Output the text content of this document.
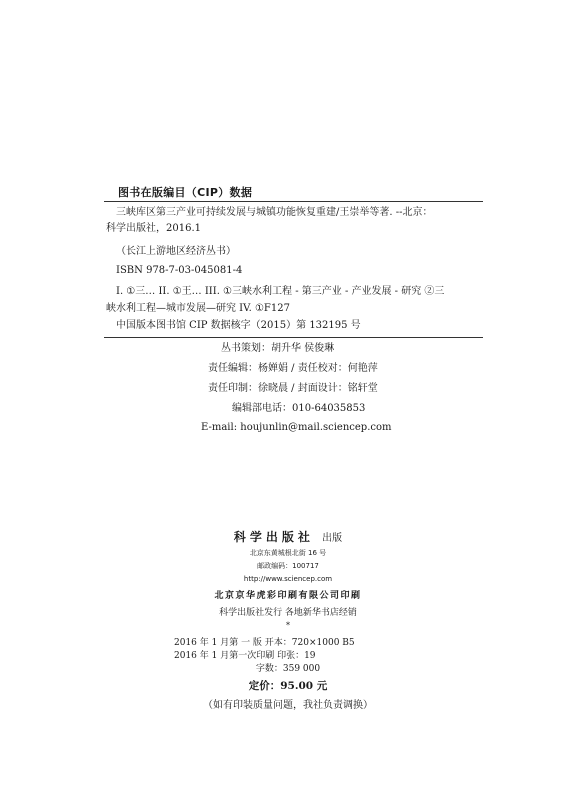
图书在版编目（CIP）数据
三峡库区第三产业可持续发展与城镇功能恢复重建/王崇举等著. --北京：
科学出版社，2016.1
（长江上游地区经济丛书）
ISBN 978-7-03-045081-4
I. ①三… II. ①王… III. ①三峡水利工程 - 第三产业 - 产业发展 - 研究 ②三
峡水利工程—城市发展—研究 IV. ①F127
中国版本图书馆 CIP 数据核字（2015）第 132195 号
丛书策划：胡升华 侯俊琳
责任编辑：杨婵娟 / 责任校对：何艳萍
责任印制：徐晓晨 / 封面设计：铭轩堂
编辑部电话：010-64035853
E-mail: houjunlin@mail.sciencep.com
科学出版社 出版
北京东黄城根北街 16 号
邮政编码：100717
http://www.sciencep.com
北京京华虎彩印刷有限公司印刷
科学出版社发行 各地新华书店经销
*
2016 年 1 月第 一 版 开本：720×1000 B5
2016 年 1 月第一次印刷 印张：19
字数：359 000
定价：95.00 元
（如有印装质量问题，我社负责调换）
